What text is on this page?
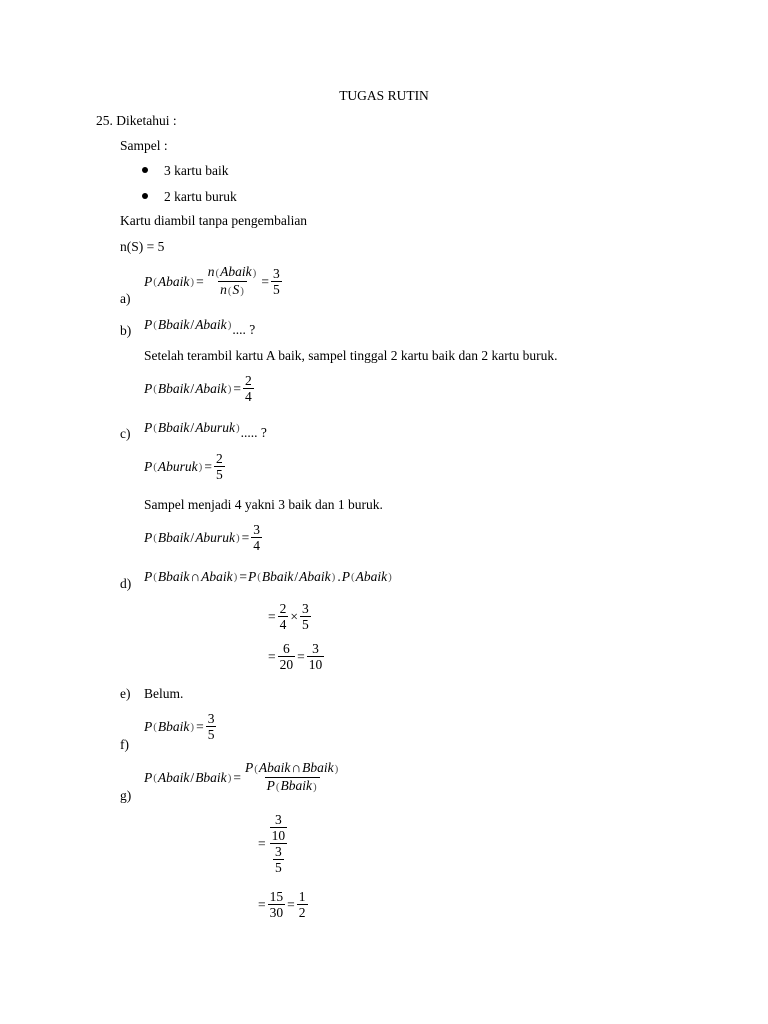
TUGAS RUTIN
25. Diketahui :
Sampel :
3 kartu baik
2 kartu buruk
Kartu diambil tanpa pengembalian
n(S) = 5
a)
P ( Abaik ) = $\frac{\text{n(Abaik)}}{n(S)} = \frac{3}{5}$
b) P ( Bbaik / Abaik ) .... ?
Setelah terambil kartu A baik, sampel tinggal 2 kartu baik dan 2 kartu buruk.
P ( Bbaik / Abaik ) = $\frac{2}{4}$
c) P ( Bbaik / Aburuk ) ..... ?
P ( Aburuk ) = $\frac{2}{5}$
Sampel menjadi 4 yakni 3 baik dan 1 buruk.
P ( Bbaik / Aburuk ) = $\frac{3}{4}$
d) P ( Bbaik ∩ Abaik ) = P ( Bbaik / Abaik ) . P ( Abaik )
= $\frac{2}{4} \times \frac{3}{5}$
= $\frac{6}{20} = \frac{3}{10}$
e) Belum.
f)
P ( Bbaik ) = $\frac{3}{5}$
g)
P ( Abaik / Bbaik ) = $\frac{\text{P(Abaik∩Bbaik)}}{\text{P(Bbaik)}}$
= $\frac{\frac{3}{10}}{\frac{3}{5}}$
= $\frac{15}{30} = \frac{1}{2}$
